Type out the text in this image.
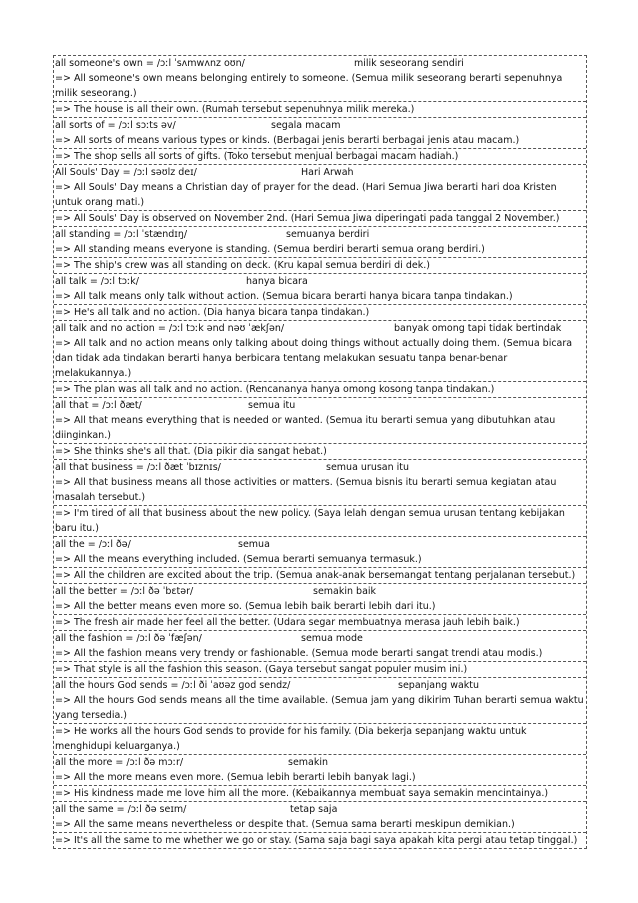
all someone's own = /ɔːl ˈsʌmwʌnz oʊn/	milik seseorang sendiri
=> All someone's own means belonging entirely to someone. (Semua milik seseorang berarti sepenuhnya milik seseorang.)
=> The house is all their own. (Rumah tersebut sepenuhnya milik mereka.)
all sorts of = /ɔːl sɔːts əv/	segala macam
=> All sorts of means various types or kinds. (Berbagai jenis berarti berbagai jenis atau macam.)
=> The shop sells all sorts of gifts. (Toko tersebut menjual berbagai macam hadiah.)
All Souls' Day = /ɔːl səʊlz deɪ/	Hari Arwah
=> All Souls' Day means a Christian day of prayer for the dead. (Hari Semua Jiwa berarti hari doa Kristen untuk orang mati.)
=> All Souls' Day is observed on November 2nd. (Hari Semua Jiwa diperingati pada tanggal 2 November.)
all standing = /ɔːl ˈstændɪŋ/	semuanya berdiri
=> All standing means everyone is standing. (Semua berdiri berarti semua orang berdiri.)
=> The ship's crew was all standing on deck. (Kru kapal semua berdiri di dek.)
all talk = /ɔːl tɔːk/	hanya bicara
=> All talk means only talk without action. (Semua bicara berarti hanya bicara tanpa tindakan.)
=> He's all talk and no action. (Dia hanya bicara tanpa tindakan.)
all talk and no action = /ɔːl tɔːk ənd nəʊ ˈækʃən/	banyak omong tapi tidak bertindak
=> All talk and no action means only talking about doing things without actually doing them. (Semua bicara dan tidak ada tindakan berarti hanya berbicara tentang melakukan sesuatu tanpa benar-benar melakukannya.)
=> The plan was all talk and no action. (Rencananya hanya omong kosong tanpa tindakan.)
all that = /ɔːl ðæt/	semua itu
=> All that means everything that is needed or wanted. (Semua itu berarti semua yang dibutuhkan atau diinginkan.)
=> She thinks she's all that. (Dia pikir dia sangat hebat.)
all that business = /ɔːl ðæt ˈbɪznɪs/	semua urusan itu
=> All that business means all those activities or matters. (Semua bisnis itu berarti semua kegiatan atau masalah tersebut.)
=> I'm tired of all that business about the new policy. (Saya lelah dengan semua urusan tentang kebijakan baru itu.)
all the = /ɔːl ðə/	semua
=> All the means everything included. (Semua berarti semuanya termasuk.)
=> All the children are excited about the trip. (Semua anak-anak bersemangat tentang perjalanan tersebut.)
all the better = /ɔːl ðə ˈbɛtər/	semakin baik
=> All the better means even more so. (Semua lebih baik berarti lebih dari itu.)
=> The fresh air made her feel all the better. (Udara segar membuatnya merasa jauh lebih baik.)
all the fashion = /ɔːl ðə ˈfæʃən/	semua mode
=> All the fashion means very trendy or fashionable. (Semua mode berarti sangat trendi atau modis.)
=> That style is all the fashion this season. (Gaya tersebut sangat populer musim ini.)
all the hours God sends = /ɔːl ði ˈaʊəz ɡod sendz/	sepanjang waktu
=> All the hours God sends means all the time available. (Semua jam yang dikirim Tuhan berarti semua waktu yang tersedia.)
=> He works all the hours God sends to provide for his family. (Dia bekerja sepanjang waktu untuk menghidupi keluarganya.)
all the more = /ɔːl ðə mɔːr/	semakin
=> All the more means even more. (Semua lebih berarti lebih banyak lagi.)
=> His kindness made me love him all the more. (Kebaikannya membuat saya semakin mencintainya.)
all the same = /ɔːl ðə seɪm/	tetap saja
=> All the same means nevertheless or despite that. (Semua sama berarti meskipun demikian.)
=> It's all the same to me whether we go or stay. (Sama saja bagi saya apakah kita pergi atau tetap tinggal.)
